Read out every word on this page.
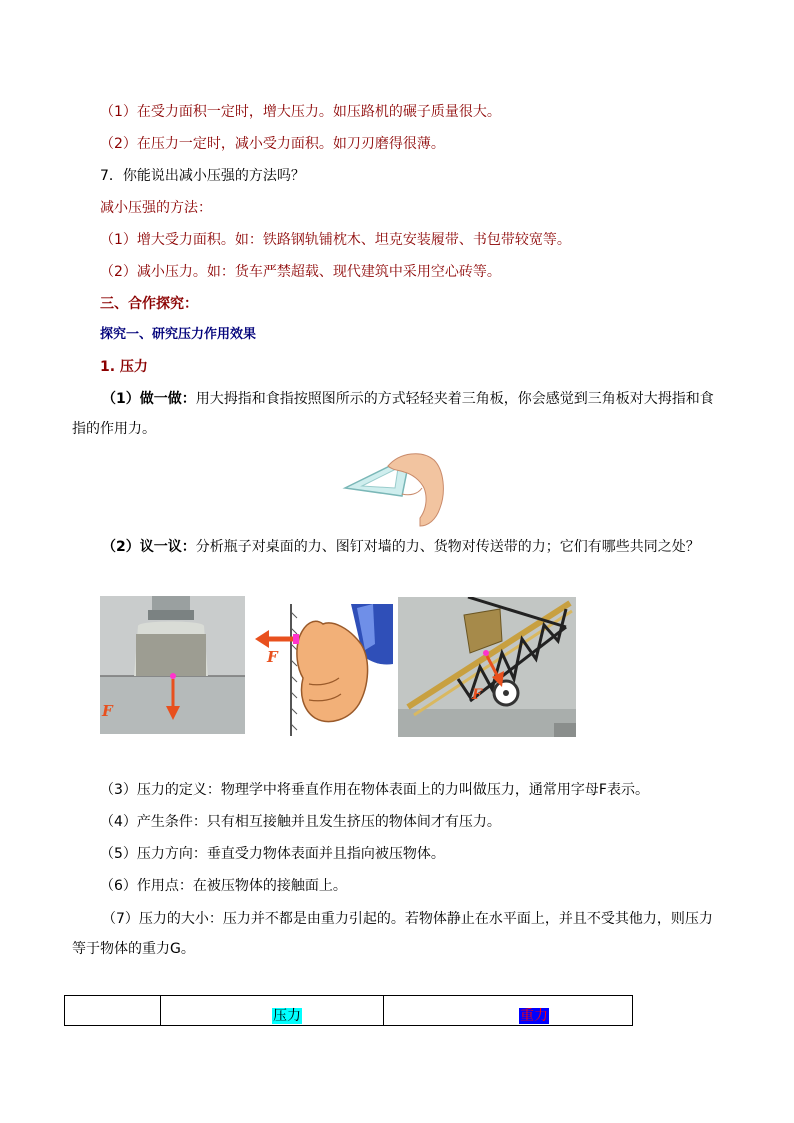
（1）在受力面积一定时，增大压力。如压路机的碾子质量很大。
（2）在压力一定时，减小受力面积。如刀刃磨得很薄。
7．你能说出减小压强的方法吗？
减小压强的方法：
（1）增大受力面积。如：铁路钢轨铺枕木、坦克安装履带、书包带较宽等。
（2）减小压力。如：货车严禁超载、现代建筑中采用空心砖等。
三、合作探究：
探究一、研究压力作用效果
1. 压力
（1）做一做：用大拇指和食指按照图所示的方式轻轻夹着三角板，你会感觉到三角板对大拇指和食指的作用力。
（2）议一议：分析瓶子对桌面的力、图钉对墙的力、货物对传送带的力；它们有哪些共同之处？
F
F
F
（3）压力的定义：物理学中将垂直作用在物体表面上的力叫做压力，通常用字母F表示。
（4）产生条件：只有相互接触并且发生挤压的物体间才有压力。
（5）压力方向：垂直受力物体表面并且指向被压物体。
（6）作用点：在被压物体的接触面上。
（7）压力的大小：压力并不都是由重力引起的。若物体静止在水平面上，并且不受其他力，则压力等于物体的重力G。
	压力	重力
